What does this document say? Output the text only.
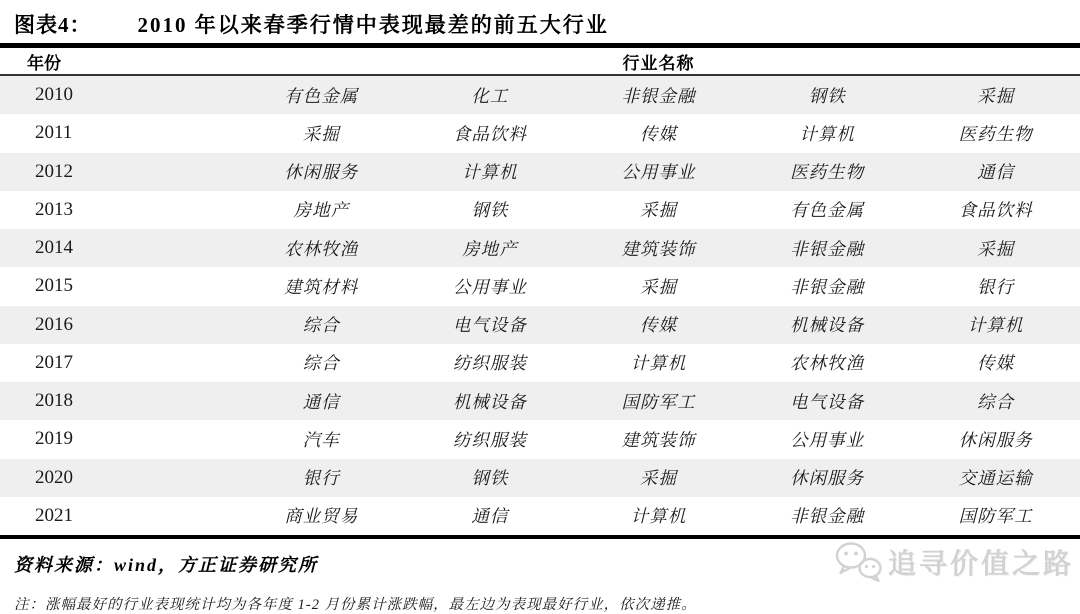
图表4： 2010 年以来春季行情中表现最差的前五大行业
年份	行业名称
2010	有色金属	化工	非银金融	钢铁	采掘
2011	采掘	食品饮料	传媒	计算机	医药生物
2012	休闲服务	计算机	公用事业	医药生物	通信
2013	房地产	钢铁	采掘	有色金属	食品饮料
2014	农林牧渔	房地产	建筑装饰	非银金融	采掘
2015	建筑材料	公用事业	采掘	非银金融	银行
2016	综合	电气设备	传媒	机械设备	计算机
2017	综合	纺织服装	计算机	农林牧渔	传媒
2018	通信	机械设备	国防军工	电气设备	综合
2019	汽车	纺织服装	建筑装饰	公用事业	休闲服务
2020	银行	钢铁	采掘	休闲服务	交通运输
2021	商业贸易	通信	计算机	非银金融	国防军工
资料来源：wind，方正证券研究所
注：涨幅最好的行业表现统计均为各年度 1-2 月份累计涨跌幅，最左边为表现最好行业，依次递推。
追寻价值之路
